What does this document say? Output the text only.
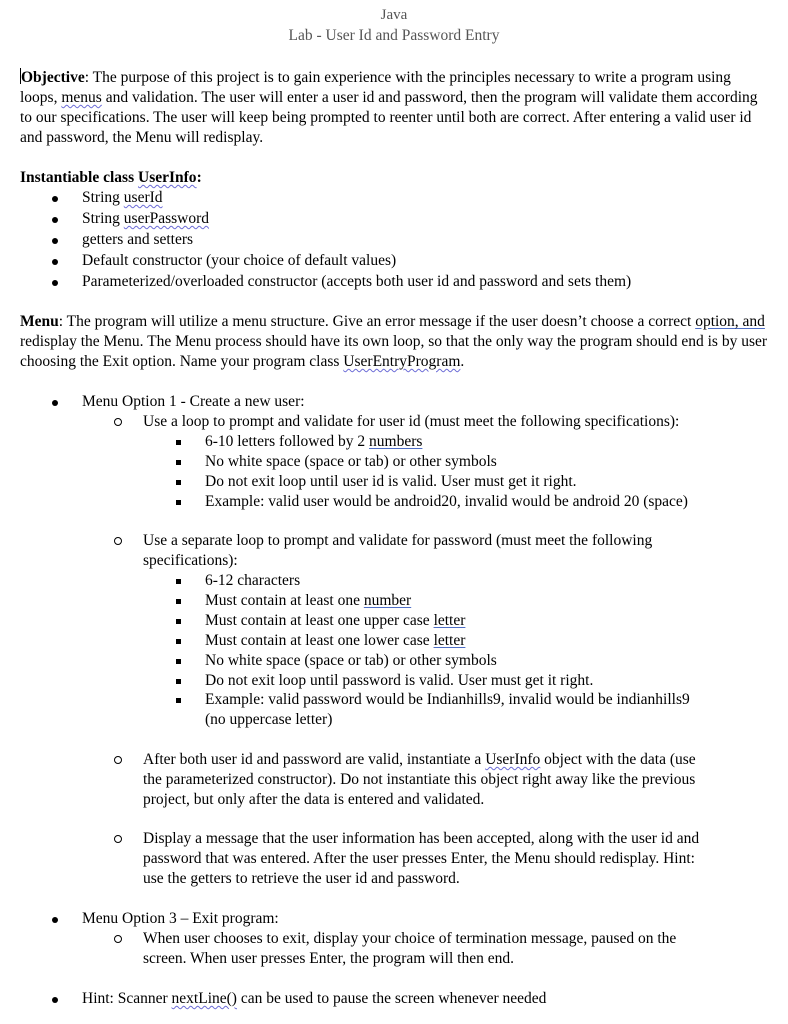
Java
Lab - User Id and Password Entry
Objective: The purpose of this project is to gain experience with the principles necessary to write a program using loops, menus and validation. The user will enter a user id and password, then the program will validate them according to our specifications. The user will keep being prompted to reenter until both are correct. After entering a valid user id and password, the Menu will redisplay.
Instantiable class UserInfo:
String userId
String userPassword
getters and setters
Default constructor (your choice of default values)
Parameterized/overloaded constructor (accepts both user id and password and sets them)
Menu: The program will utilize a menu structure. Give an error message if the user doesn’t choose a correct option, and redisplay the Menu. The Menu process should have its own loop, so that the only way the program should end is by user choosing the Exit option. Name your program class UserEntryProgram.
Menu Option 1 - Create a new user:
Use a loop to prompt and validate for user id (must meet the following specifications):
6-10 letters followed by 2 numbers
No white space (space or tab) or other symbols
Do not exit loop until user id is valid. User must get it right.
Example: valid user would be android20, invalid would be android 20 (space)
Use a separate loop to prompt and validate for password (must meet the following
specifications):
6-12 characters
Must contain at least one number
Must contain at least one upper case letter
Must contain at least one lower case letter
No white space (space or tab) or other symbols
Do not exit loop until password is valid. User must get it right.
Example: valid password would be Indianhills9, invalid would be indianhills9
(no uppercase letter)
After both user id and password are valid, instantiate a UserInfo object with the data (use
the parameterized constructor). Do not instantiate this object right away like the previous
project, but only after the data is entered and validated.
Display a message that the user information has been accepted, along with the user id and
password that was entered. After the user presses Enter, the Menu should redisplay. Hint:
use the getters to retrieve the user id and password.
Menu Option 3 – Exit program:
When user chooses to exit, display your choice of termination message, paused on the
screen. When user presses Enter, the program will then end.
Hint: Scanner nextLine() can be used to pause the screen whenever needed
